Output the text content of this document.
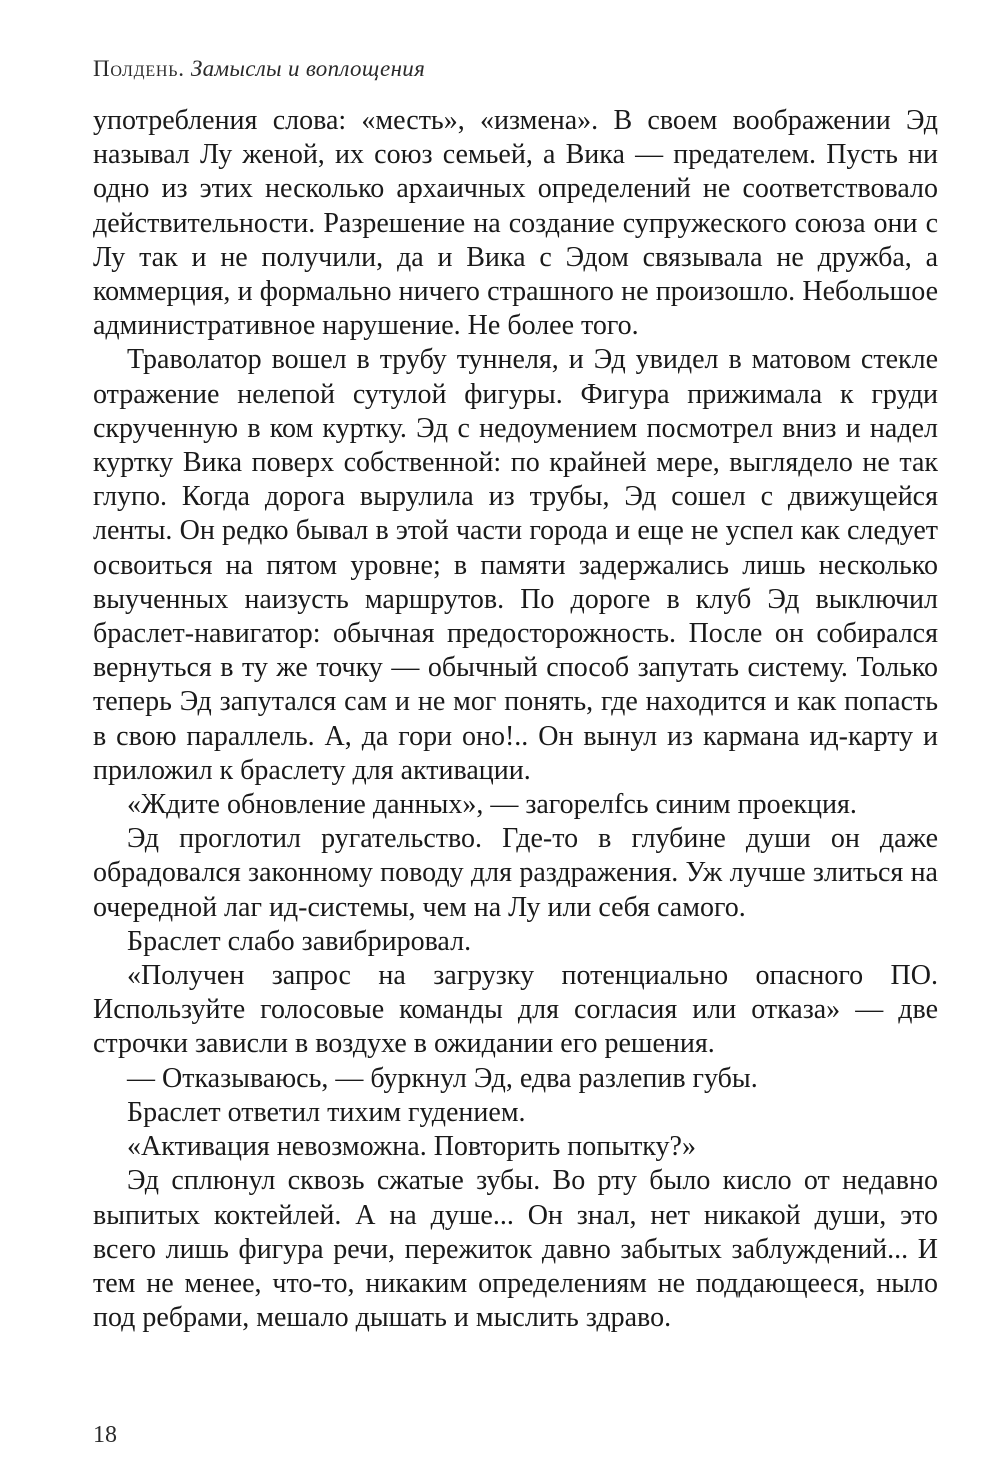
Полдень. Замыслы и воплощения

употребления слова: «месть», «измена». В своем воображении Эд называл Лу женой, их союз семьей, а Вика — предателем. Пусть ни одно из этих несколько архаичных определений не соответствовало действительности. Разрешение на создание супружеского союза они с Лу так и не получили, да и Вика с Эдом связывала не дружба, а коммерция, и формально ничего страшного не произошло. Небольшое административное нарушение. Не более того.

Траволатор вошел в трубу туннеля, и Эд увидел в матовом стекле отражение нелепой сутулой фигуры. Фигура прижимала к груди скрученную в ком куртку. Эд с недоумением посмотрел вниз и надел куртку Вика поверх собственной: по крайней мере, выглядело не так глупо. Когда дорога вырулила из трубы, Эд сошел с движущейся ленты. Он редко бывал в этой части города и еще не успел как следует освоиться на пятом уровне; в памяти задержались лишь несколько выученных наизусть маршрутов. По дороге в клуб Эд выключил браслет-навигатор: обычная предосторожность. После он собирался вернуться в ту же точку — обычный способ запутать систему. Только теперь Эд запутался сам и не мог понять, где находится и как попасть в свою параллель. А, да гори оно!.. Он вынул из кармана ид-карту и приложил к браслету для активации.

«Ждите обновление данных», — загорелfcь синим проекция.

Эд проглотил ругательство. Где-то в глубине души он даже обрадовался законному поводу для раздражения. Уж лучше злиться на очередной лаг ид-системы, чем на Лу или себя самого.

Браслет слабо завибрировал.

«Получен запрос на загрузку потенциально опасного ПО. Используйте голосовые команды для согласия или отказа» — две строчки зависли в воздухе в ожидании его решения.

— Отказываюсь, — буркнул Эд, едва разлепив губы.

Браслет ответил тихим гудением.

«Активация невозможна. Повторить попытку?»

Эд сплюнул сквозь сжатые зубы. Во рту было кисло от недавно выпитых коктейлей. А на душе... Он знал, нет никакой души, это всего лишь фигура речи, пережиток давно забытых заблуждений... И тем не менее, что-то, никаким определениям не поддающееся, ныло под ребрами, мешало дышать и мыслить здраво.

18
